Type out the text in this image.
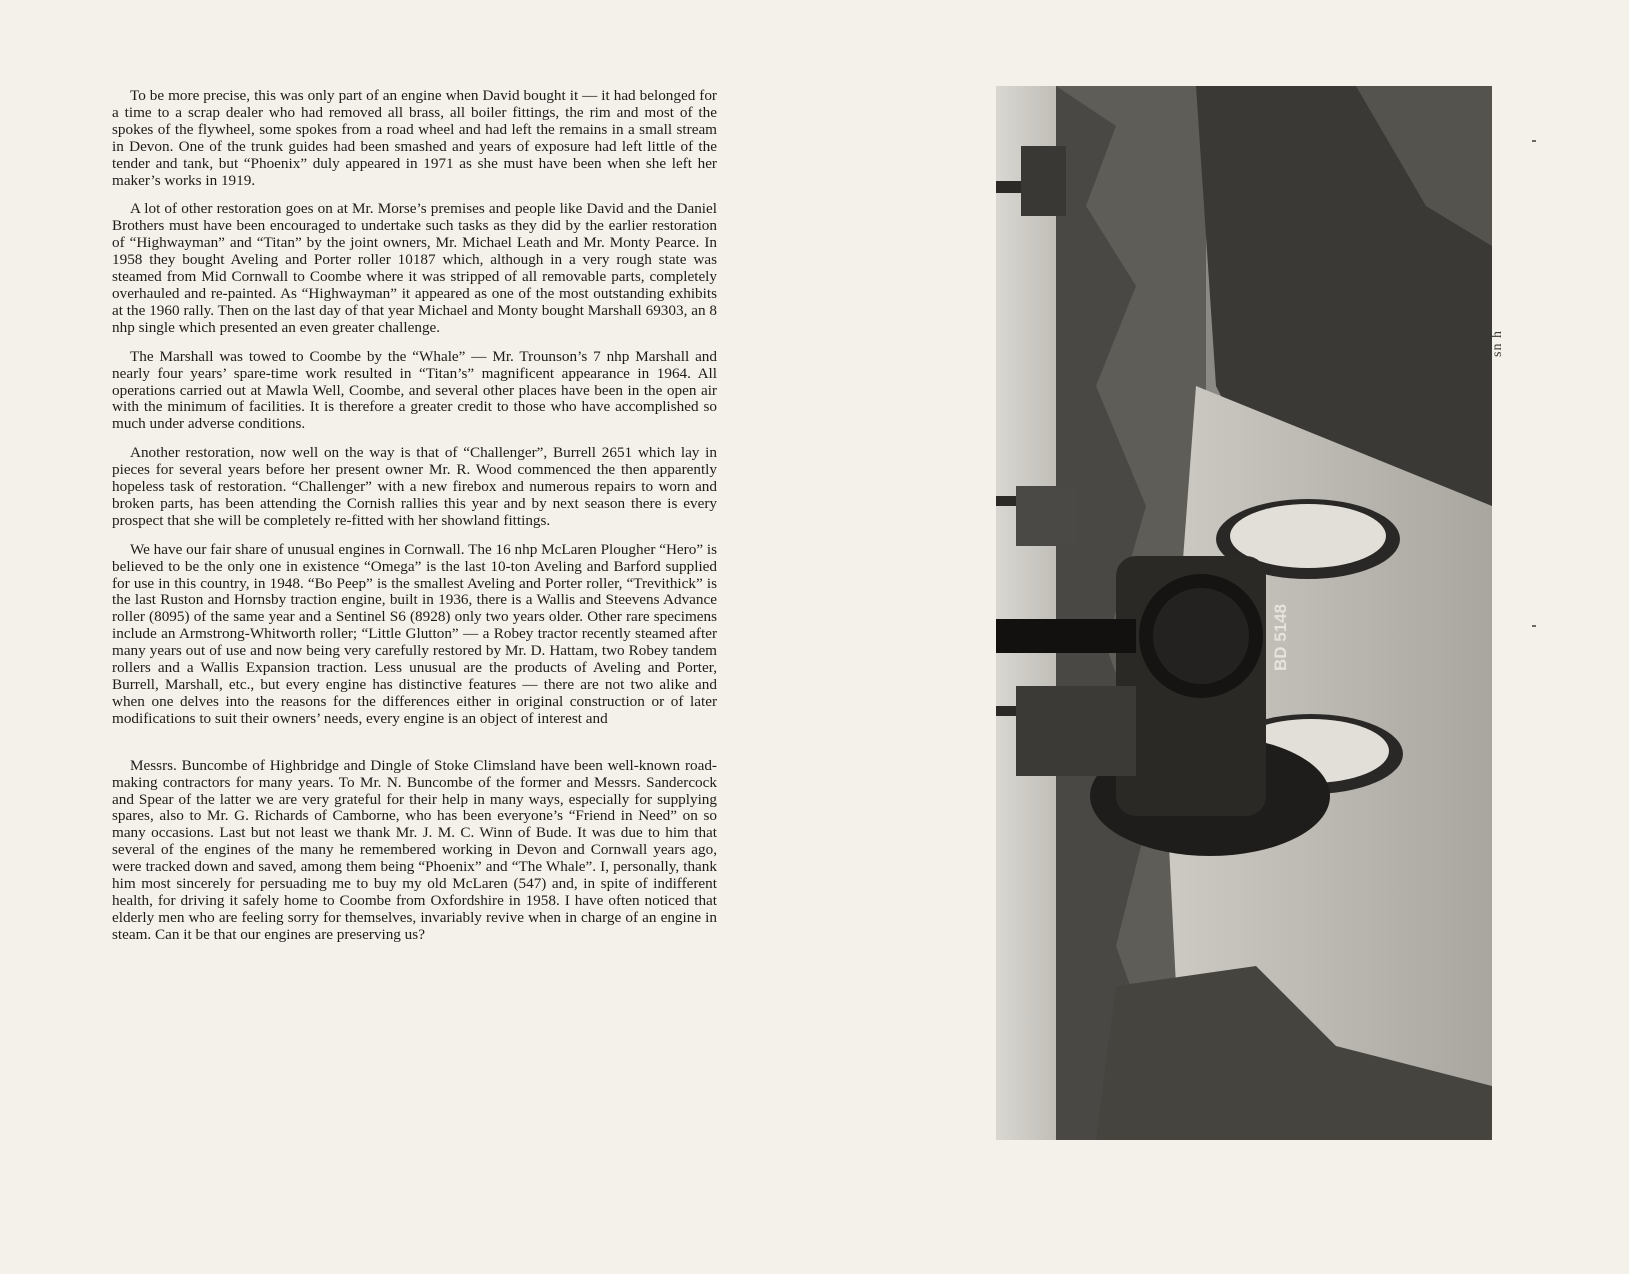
To be more precise, this was only part of an engine when David bought it — it had belonged for a time to a scrap dealer who had removed all brass, all boiler fittings, the rim and most of the spokes of the flywheel, some spokes from a road wheel and had left the remains in a small stream in Devon. One of the trunk guides had been smashed and years of exposure had left little of the tender and tank, but “Phoenix” duly appeared in 1971 as she must have been when she left her maker’s works in 1919.

A lot of other restoration goes on at Mr. Morse’s premises and people like David and the Daniel Brothers must have been encouraged to undertake such tasks as they did by the earlier restoration of “Highwayman” and “Titan” by the joint owners, Mr. Michael Leath and Mr. Monty Pearce. In 1958 they bought Aveling and Porter roller 10187 which, although in a very rough state was steamed from Mid Cornwall to Coombe where it was stripped of all removable parts, completely overhauled and re-painted. As “Highwayman” it appeared as one of the most outstanding exhibits at the 1960 rally. Then on the last day of that year Michael and Monty bought Marshall 69303, an 8 nhp single which presented an even greater challenge.

The Marshall was towed to Coombe by the “Whale” — Mr. Trounson’s 7 nhp Marshall and nearly four years’ spare-time work resulted in “Titan’s” magnificent appearance in 1964. All operations carried out at Mawla Well, Coombe, and several other places have been in the open air with the minimum of facilities. It is therefore a greater credit to those who have accomplished so much under adverse conditions.

Another restoration, now well on the way is that of “Challenger”, Burrell 2651 which lay in pieces for several years before her present owner Mr. R. Wood commenced the then apparently hopeless task of restoration. “Challenger” with a new firebox and numerous repairs to worn and broken parts, has been attending the Cornish rallies this year and by next season there is every prospect that she will be completely re-fitted with her showland fittings.

We have our fair share of unusual engines in Cornwall. The 16 nhp McLaren Plougher “Hero” is believed to be the only one in existence “Omega” is the last 10-ton Aveling and Barford supplied for use in this country, in 1948. “Bo Peep” is the smallest Aveling and Porter roller, “Trevithick” is the last Ruston and Hornsby traction engine, built in 1936, there is a Wallis and Steevens Advance roller (8095) of the same year and a Sentinel S6 (8928) only two years older. Other rare specimens include an Armstrong-Whitworth roller; “Little Glutton” — a Robey tractor recently steamed after many years out of use and now being very carefully restored by Mr. D. Hattam, two Robey tandem rollers and a Wallis Expansion traction. Less unusual are the products of Aveling and Porter, Burrell, Marshall, etc., but every engine has distinctive features — there are not two alike and when one delves into the reasons for the differences either in original construction or of later modifications to suit their owners’ needs, every engine is an object of interest and

Messrs. Buncombe of Highbridge and Dingle of Stoke Climsland have been well-known road-making contractors for many years. To Mr. N. Buncombe of the former and Messrs. Sandercock and Spear of the latter we are very grateful for their help in many ways, especially for supplying spares, also to Mr. G. Richards of Camborne, who has been everyone’s “Friend in Need” on so many occasions. Last but not least we thank Mr. J. M. C. Winn of Bude. It was due to him that several of the engines of the many he remembered working in Devon and Cornwall years ago, were tracked down and saved, among them being “Phoenix” and “The Whale”. I, personally, thank him most sincerely for persuading me to buy my old McLaren (547) and, in spite of indifferent health, for driving it safely home to Coombe from Oxfordshire in 1958. I have often noticed that elderly men who are feeling sorry for themselves, invariably revive when in charge of an engine in steam. Can it be that our engines are preserving us?

BD 5148
sn h
